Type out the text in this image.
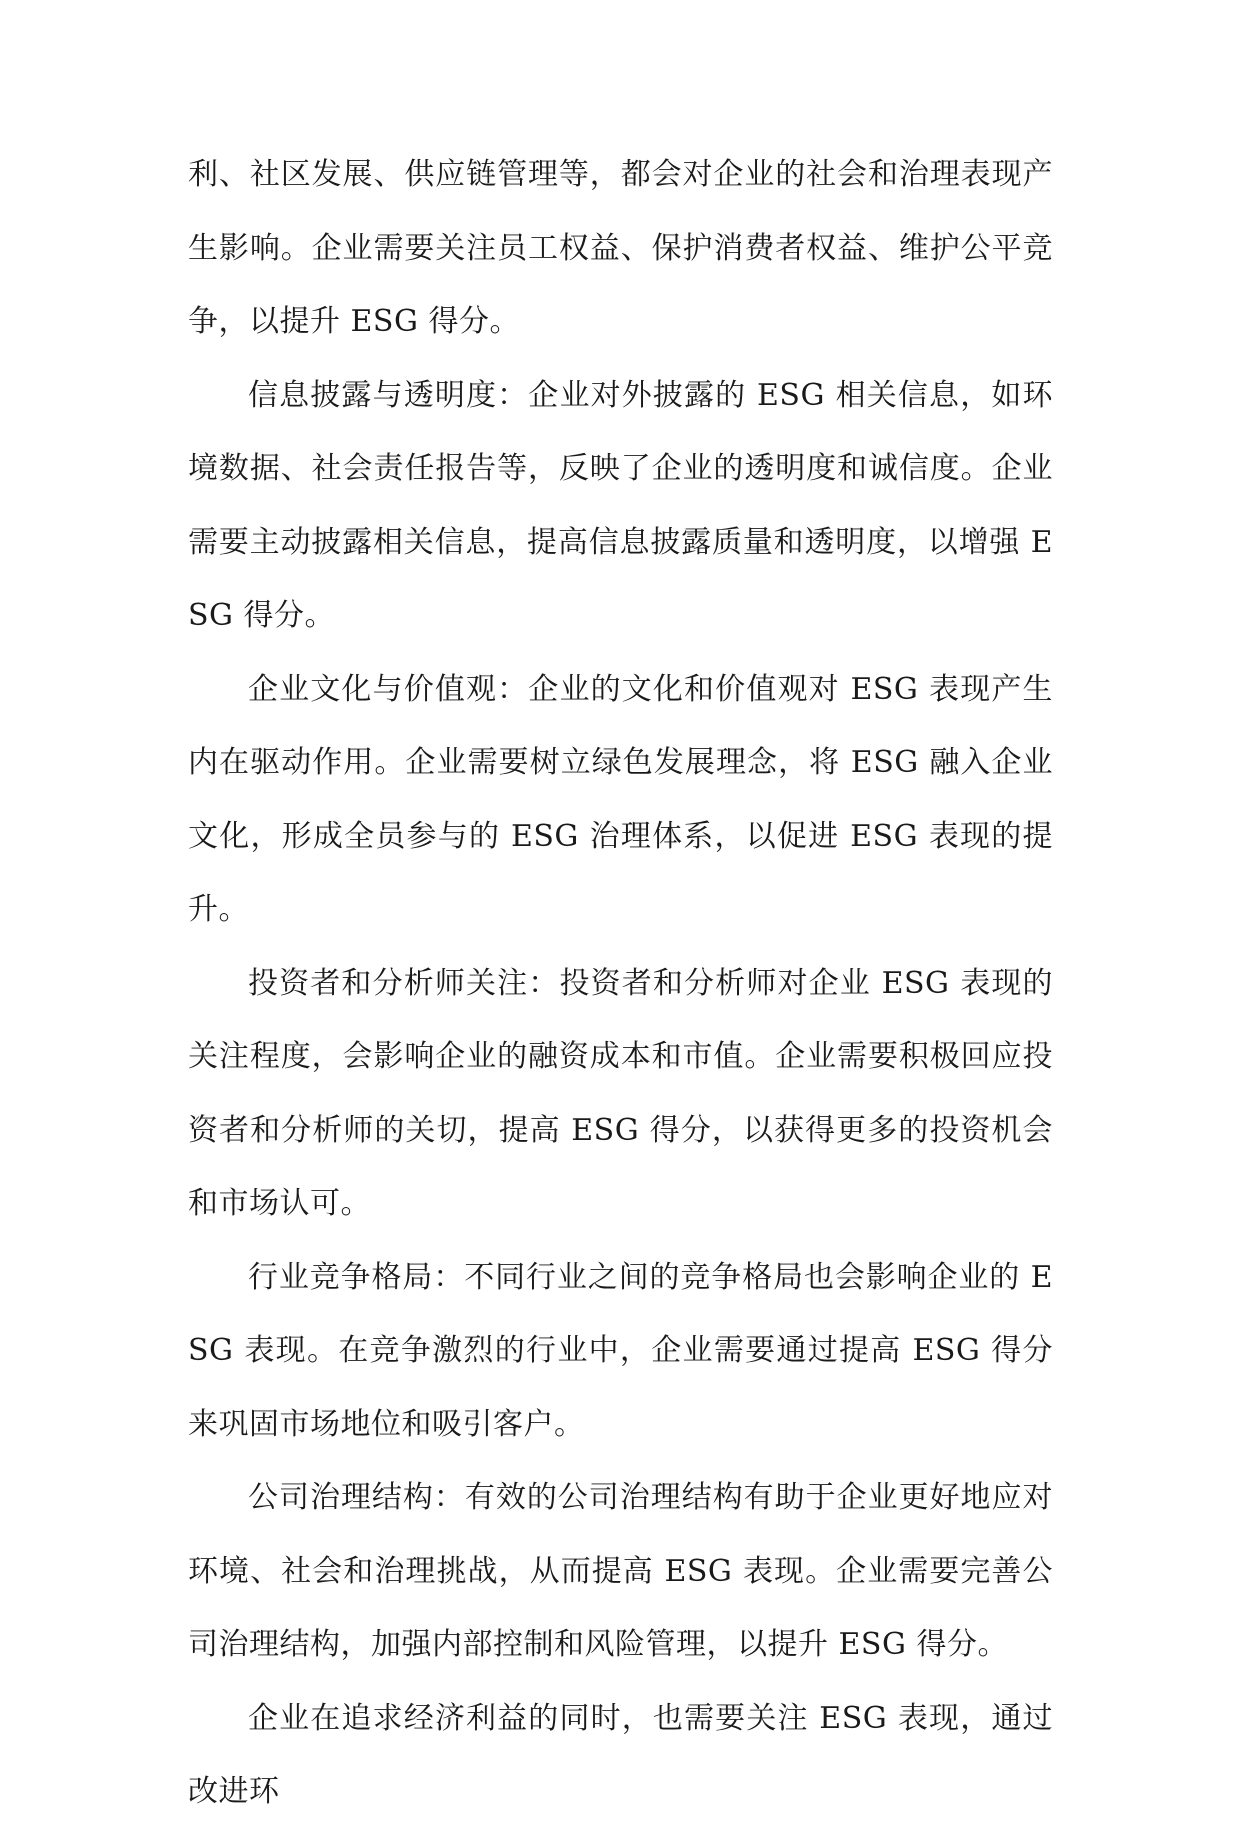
利、社区发展、供应链管理等，都会对企业的社会和治理表现产生影响。企业需要关注员工权益、保护消费者权益、维护公平竞争，以提升 ESG 得分。

信息披露与透明度：企业对外披露的 ESG 相关信息，如环境数据、社会责任报告等，反映了企业的透明度和诚信度。企业需要主动披露相关信息，提高信息披露质量和透明度，以增强 ESG 得分。

企业文化与价值观：企业的文化和价值观对 ESG 表现产生内在驱动作用。企业需要树立绿色发展理念，将 ESG 融入企业文化，形成全员参与的 ESG 治理体系，以促进 ESG 表现的提升。

投资者和分析师关注：投资者和分析师对企业 ESG 表现的关注程度，会影响企业的融资成本和市值。企业需要积极回应投资者和分析师的关切，提高 ESG 得分，以获得更多的投资机会和市场认可。

行业竞争格局：不同行业之间的竞争格局也会影响企业的 ESG 表现。在竞争激烈的行业中，企业需要通过提高 ESG 得分来巩固市场地位和吸引客户。

公司治理结构：有效的公司治理结构有助于企业更好地应对环境、社会和治理挑战，从而提高 ESG 表现。企业需要完善公司治理结构，加强内部控制和风险管理，以提升 ESG 得分。

企业在追求经济利益的同时，也需要关注 ESG 表现，通过改进环
